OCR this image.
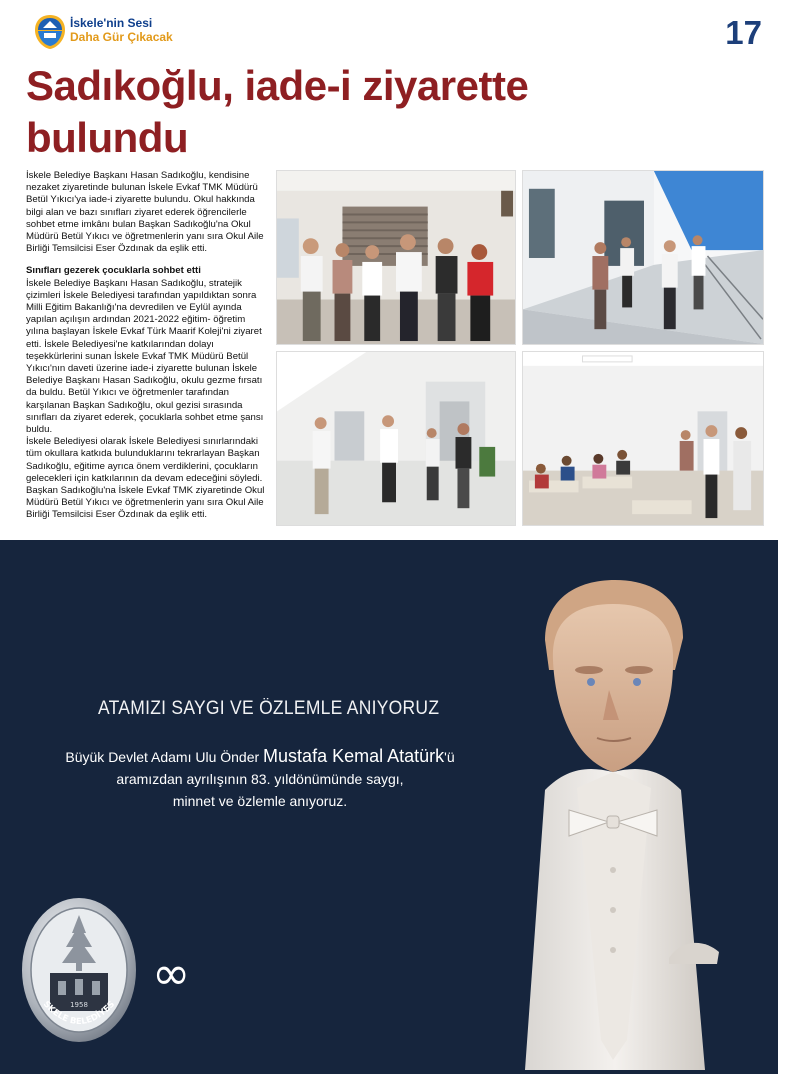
İskele'nin Sesi
Daha Gür Çıkacak	17
Sadıkoğlu, iade-i ziyarette bulundu

İskele Belediye Başkanı Hasan Sadıkoğlu, kendisine nezaket ziyaretinde bulunan İskele Evkaf TMK Müdürü Betül Yıkıcı'ya iade-i ziyarette bulundu. Okul hakkında bilgi alan ve bazı sınıfları ziyaret ederek öğrencilerle sohbet etme imkânı bulan Başkan Sadıkoğlu'na Okul Müdürü Betül Yıkıcı ve öğretmenlerin yanı sıra Okul Aile Birliği Temsilcisi Eser Özdınak da eşlik etti.

Sınıfları gezerek çocuklarla sohbet etti

İskele Belediye Başkanı Hasan Sadıkoğlu, stratejik çizimleri İskele Belediyesi tarafından yapıldıktan sonra Milli Eğitim Bakanlığı'na devredilen ve Eylül ayında yapılan açılışın ardından 2021-2022 eğitim- öğretim yılına başlayan İskele Evkaf Türk Maarif Koleji'ni ziyaret etti. İskele Belediyesi'ne katkılarından dolayı teşekkürlerini sunan İskele Evkaf TMK Müdürü Betül Yıkıcı'nın daveti üzerine iade-i ziyarette bulunan İskele Belediye Başkanı Hasan Sadıkoğlu, okulu gezme fırsatı da buldu. Betül Yıkıcı ve öğretmenler tarafından karşılanan Başkan Sadıkoğlu, okul gezisi sırasında sınıfları da ziyaret ederek, çocuklarla sohbet etme şansı buldu.

İskele Belediyesi olarak İskele Belediyesi sınırlarındaki tüm okullara katkıda bulunduklarını tekrarlayan Başkan Sadıkoğlu, eğitime ayrıca önem verdiklerini, çocukların gelecekleri için katkılarının da devam edeceğini söyledi.

Başkan Sadıkoğlu'na İskele Evkaf TMK ziyaretinde Okul Müdürü Betül Yıkıcı ve öğretmenlerin yanı sıra Okul Aile Birliği Temsilcisi Eser Özdınak da eşlik etti.

ATAMIZI SAYGI VE ÖZLEMLE ANIYORUZ
Büyük Devlet Adamı Ulu Önder Mustafa Kemal Atatürk'ü
aramızdan ayrılışının 83. yıldönümünde saygı,
minnet ve özlemle anıyoruz.
1958
SKELE BELEDİYES
∞
